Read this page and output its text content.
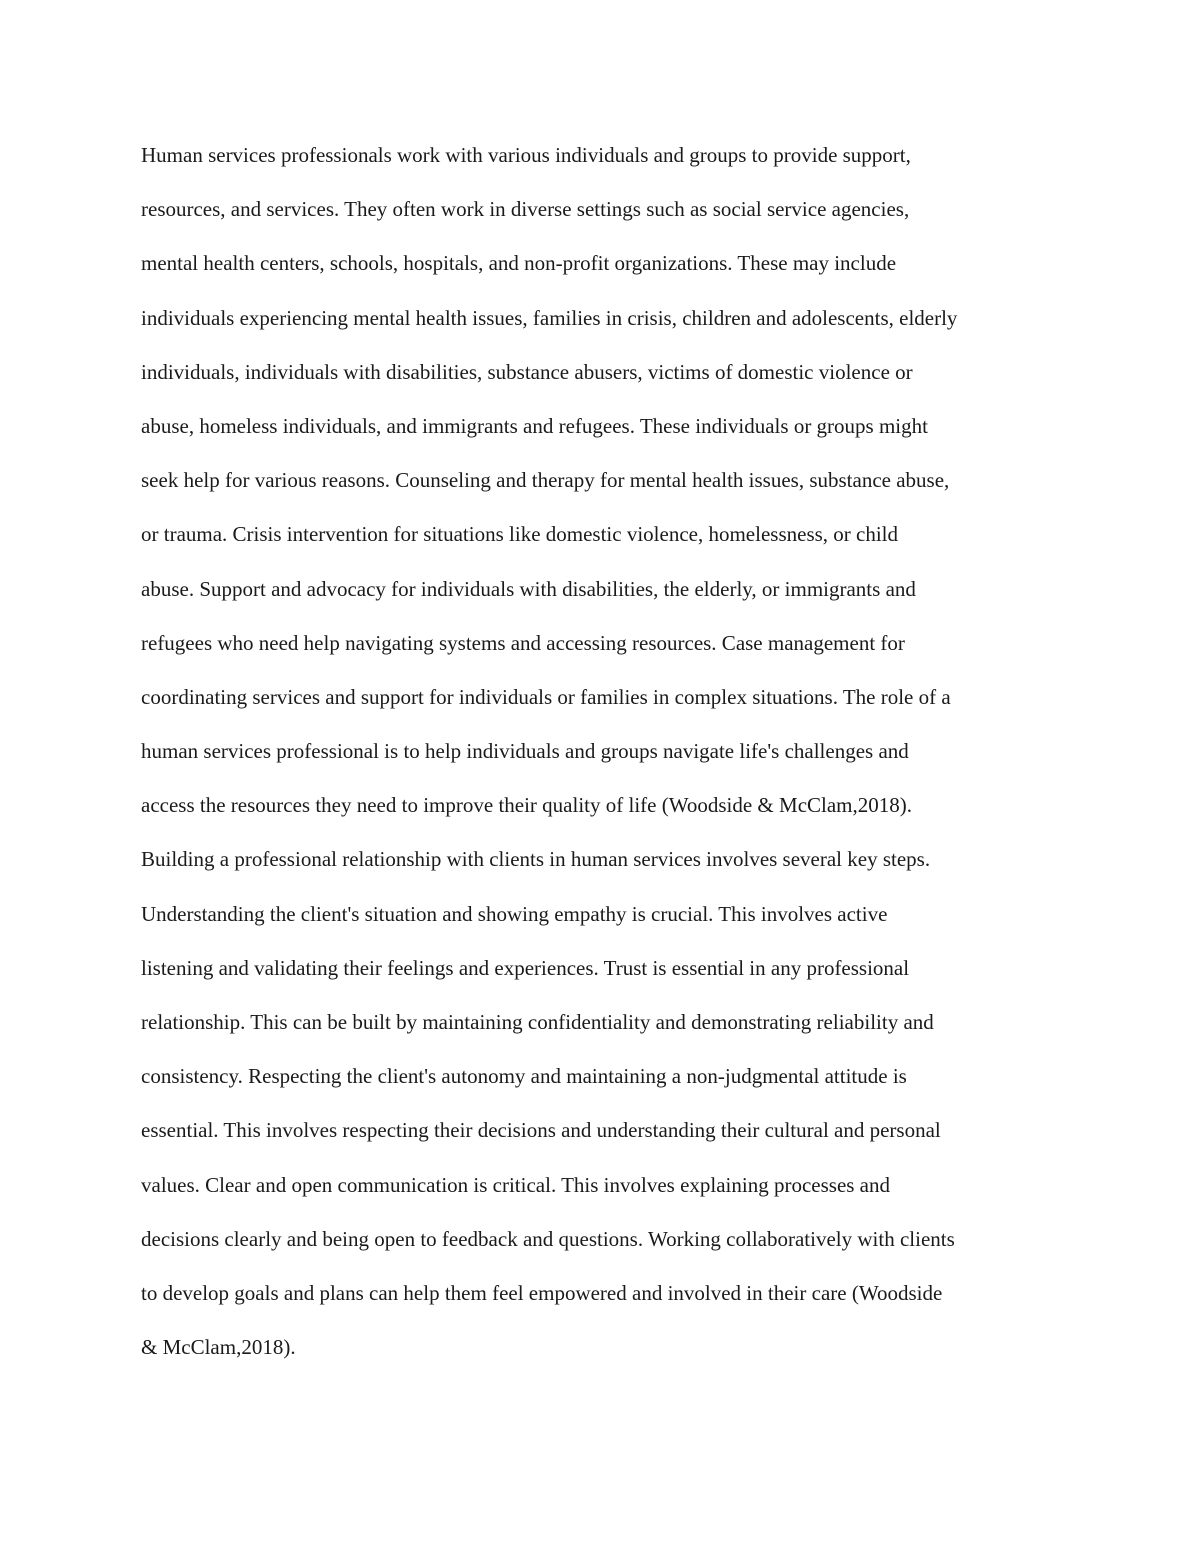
Human services professionals work with various individuals and groups to provide support,
resources, and services. They often work in diverse settings such as social service agencies,
mental health centers, schools, hospitals, and non-profit organizations. These may include
individuals experiencing mental health issues, families in crisis, children and adolescents, elderly
individuals, individuals with disabilities, substance abusers, victims of domestic violence or
abuse, homeless individuals, and immigrants and refugees. These individuals or groups might
seek help for various reasons. Counseling and therapy for mental health issues, substance abuse,
or trauma. Crisis intervention for situations like domestic violence, homelessness, or child
abuse. Support and advocacy for individuals with disabilities, the elderly, or immigrants and
refugees who need help navigating systems and accessing resources. Case management for
coordinating services and support for individuals or families in complex situations. The role of a
human services professional is to help individuals and groups navigate life's challenges and
access the resources they need to improve their quality of life (Woodside & McClam,2018).
Building a professional relationship with clients in human services involves several key steps.
Understanding the client's situation and showing empathy is crucial. This involves active
listening and validating their feelings and experiences. Trust is essential in any professional
relationship. This can be built by maintaining confidentiality and demonstrating reliability and
consistency. Respecting the client's autonomy and maintaining a non-judgmental attitude is
essential. This involves respecting their decisions and understanding their cultural and personal
values. Clear and open communication is critical. This involves explaining processes and
decisions clearly and being open to feedback and questions. Working collaboratively with clients
to develop goals and plans can help them feel empowered and involved in their care (Woodside
& McClam,2018).
